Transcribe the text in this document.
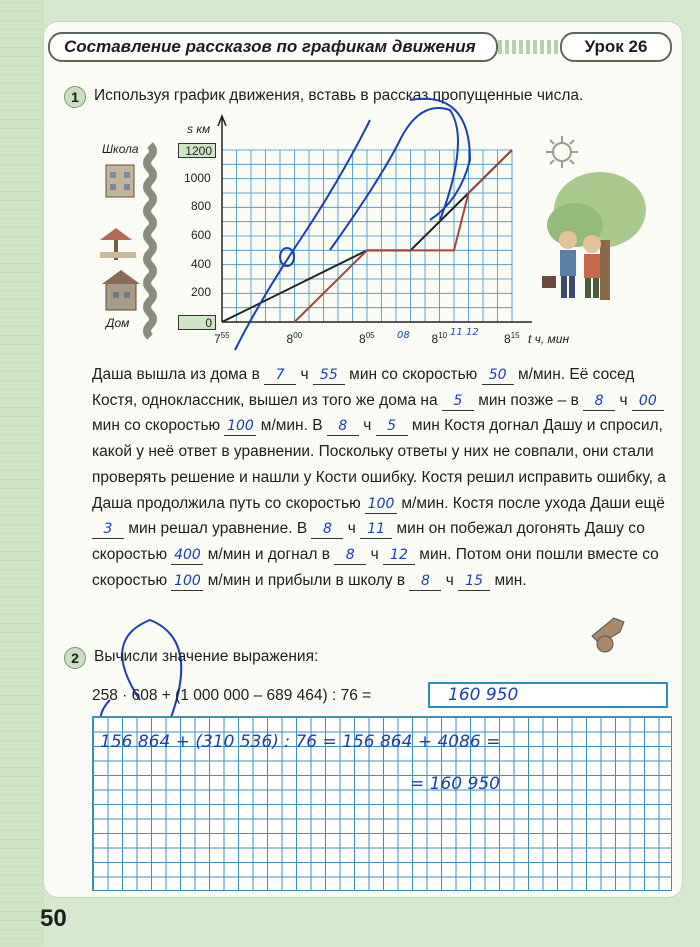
Составление рассказов по графикам движения	Урок 26
1 Используя график движения, вставь в рассказ пропущенные числа.
s км
t ч, мин
Школа
Дом
1200
0
200
400
600
800
1000
$7^{55}$	$8^{00}$	$8^{05}$	$8^{10}$	$8^{15}$
08	11 12
Даша вышла из дома в 7 ч 55 мин со скоростью 50 м/мин. Её сосед Костя, одноклассник, вышел из того же дома на 5 мин позже – в 8 ч 00 мин со скоростью 100 м/мин. В 8 ч 5 мин Костя догнал Дашу и спросил, какой у неё ответ в уравнении. Поскольку ответы у них не совпали, они стали проверять решение и нашли у Кости ошибку. Костя решил исправить ошибку, а Даша продолжила путь со скоростью 100 м/мин. Костя после ухода Даши ещё 3 мин решал уравнение. В 8 ч 11 мин он побежал догонять Дашу со скоростью 400 м/мин и догнал в 8 ч 12 мин. Потом они пошли вместе со скоростью 100 м/мин и прибыли в школу в 8 ч 15 мин.
2 Вычисли значение выражения:
258 · 608 + (1 000 000 – 689 464) : 76 =	160 950
156 864 + (310 536) : 76 = 156 864 + 4086 =
= 160 950
50
